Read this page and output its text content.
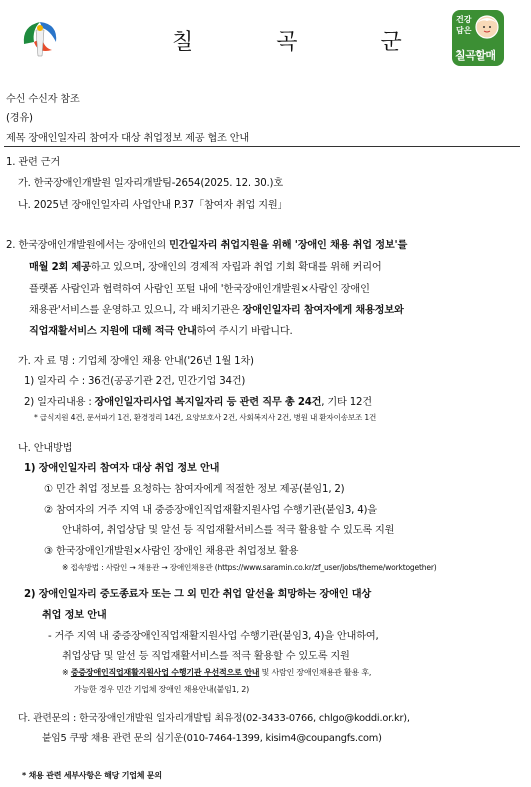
칠 곡 군
건강
담은
칠곡할매
수신 수신자 참조
(경유)
제목 장애인일자리 참여자 대상 취업정보 제공 협조 안내
1. 관련 근거
가. 한국장애인개발원 일자리개발팀-2654(2025. 12. 30.)호
나. 2025년 장애인일자리 사업안내 P.37「참여자 취업 지원」
2. 한국장애인개발원에서는 장애인의 민간일자리 취업지원을 위해 '장애인 채용 취업 정보'를
매월 2회 제공하고 있으며, 장애인의 경제적 자립과 취업 기회 확대를 위해 커리어
플랫폼 사람인과 협력하여 사람인 포털 내에 '한국장애인개발원×사람인 장애인
채용관'서비스를 운영하고 있으니, 각 배치기관은 장애인일자리 참여자에게 채용정보와
직업재활서비스 지원에 대해 적극 안내하여 주시기 바랍니다.
가. 자 료 명 : 기업체 장애인 채용 안내('26년 1월 1차)
1) 일자리 수 : 36건(공공기관 2건, 민간기업 34건)
2) 일자리내용 : 장애인일자리사업 복지일자리 등 관련 직무 총 24건, 기타 12건
* 급식지원 4건, 문서파기 1건, 환경정리 14건, 요양보호사 2건, 사회복지사 2건, 병원 내 환자이송보조 1건
나. 안내방법
1) 장애인일자리 참여자 대상 취업 정보 안내
① 민간 취업 정보를 요청하는 참여자에게 적절한 정보 제공(붙임1, 2)
② 참여자의 거주 지역 내 중증장애인직업재활지원사업 수행기관(붙임3, 4)을
안내하여, 취업상담 및 알선 등 직업재활서비스를 적극 활용할 수 있도록 지원
③ 한국장애인개발원×사람인 장애인 채용관 취업정보 활용
※ 접속방법 : 사람인 → 채용관 → 장애인채용관 (https://www.saramin.co.kr/zf_user/jobs/theme/worktogether)
2) 장애인일자리 중도종료자 또는 그 외 민간 취업 알선을 희망하는 장애인 대상
취업 정보 안내
- 거주 지역 내 중증장애인직업재활지원사업 수행기관(붙임3, 4)을 안내하여,
취업상담 및 알선 등 직업재활서비스를 적극 활용할 수 있도록 지원
※ 중증장애인직업재활지원사업 수행기관 우선적으로 안내 및 사람인 장애인채용관 활용 후,
가능한 경우 민간 기업체 장애인 채용안내(붙임1, 2)
다. 관련문의 : 한국장애인개발원 일자리개발팀 최유정(02-3433-0766, chlgo@koddi.or.kr),
붙임5 쿠팡 채용 관련 문의 심기운(010-7464-1399, kisim4@coupangfs.com)
* 채용 관련 세부사항은 해당 기업체 문의
